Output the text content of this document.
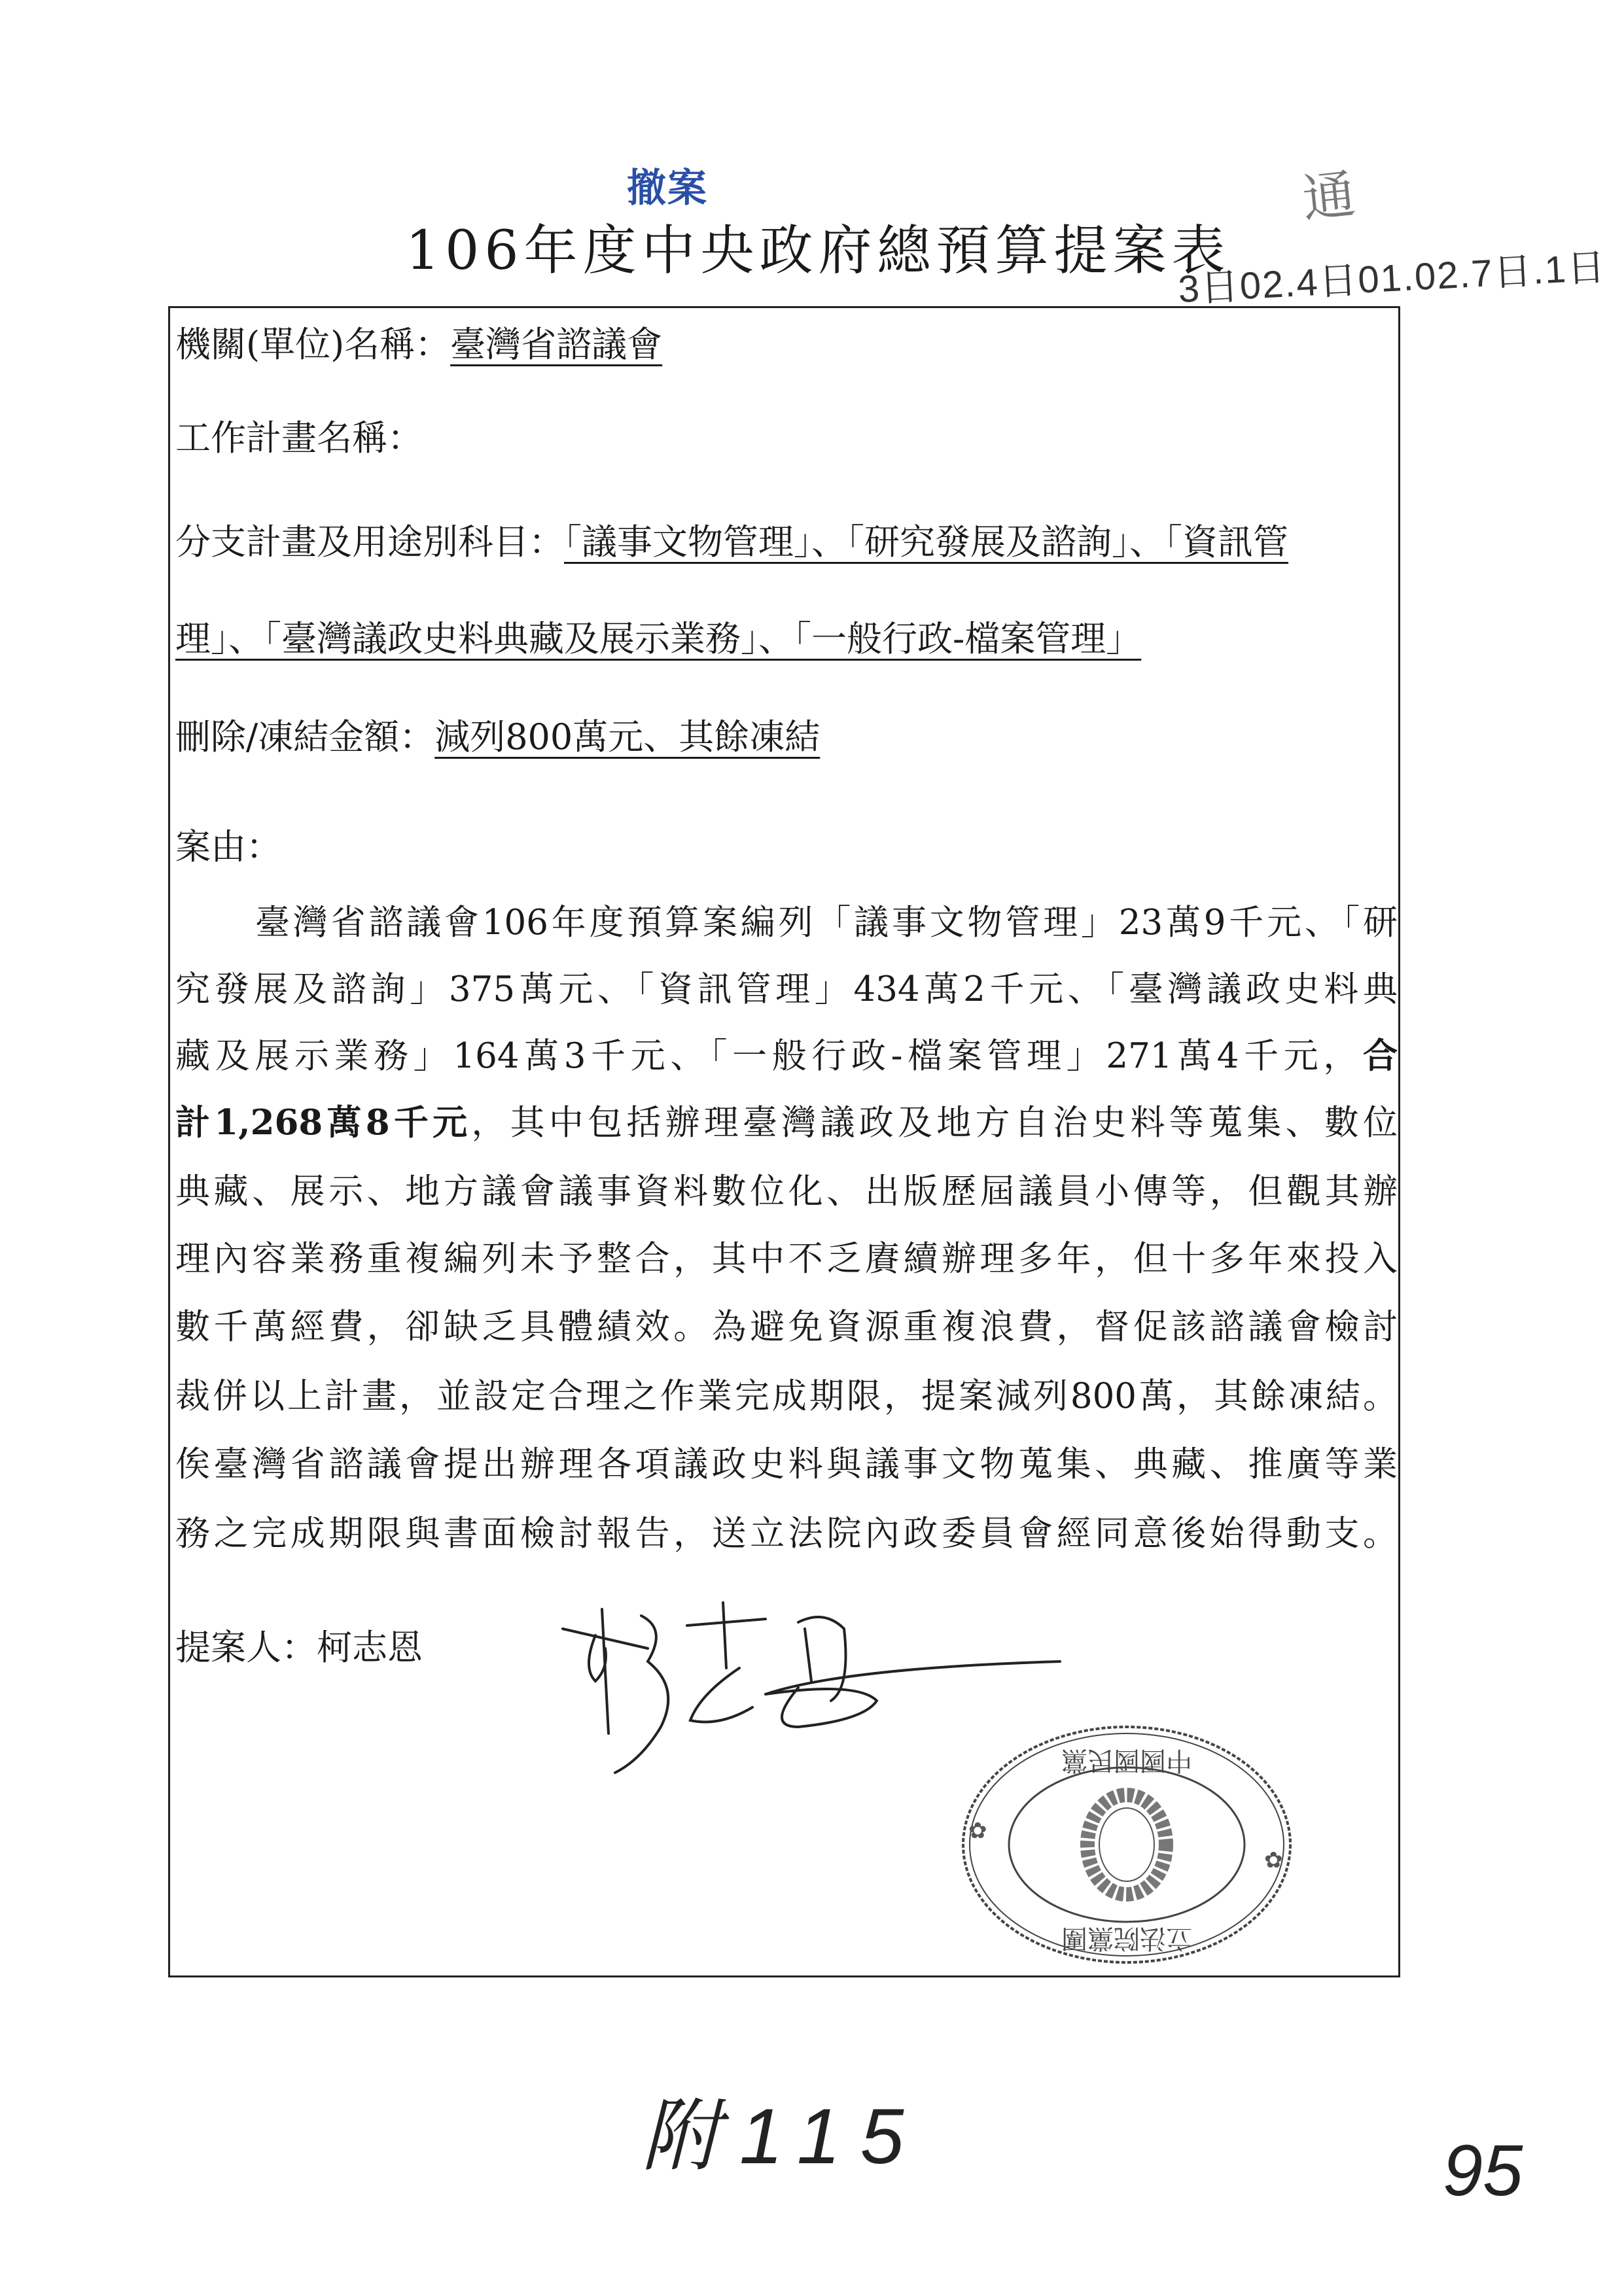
撤案
106年度中央政府總預算提案表
通
3日02.4日01.02.7日.1日
機關(單位)名稱：臺灣省諮議會
工作計畫名稱：
分支計畫及用途別科目：「議事文物管理」、「研究發展及諮詢」、「資訊管
理」、「臺灣議政史料典藏及展示業務」、「一般行政-檔案管理」
刪除/凍結金額：減列800萬元、其餘凍結
案由：
臺灣省諮議會106年度預算案編列「議事文物管理」23萬9千元、「研
究發展及諮詢」375萬元、「資訊管理」434萬2千元、「臺灣議政史料典
藏及展示業務」164萬3千元、「一般行政-檔案管理」271萬4千元，合
計1,268萬8千元，其中包括辦理臺灣議政及地方自治史料等蒐集、數位
典藏、展示、地方議會議事資料數位化、出版歷屆議員小傳等，但觀其辦
理內容業務重複編列未予整合，其中不乏賡續辦理多年，但十多年來投入
數千萬經費，卻缺乏具體績效。為避免資源重複浪費，督促該諮議會檢討
裁併以上計畫，並設定合理之作業完成期限，提案減列800萬，其餘凍結。
俟臺灣省諮議會提出辦理各項議政史料與議事文物蒐集、典藏、推廣等業
務之完成期限與書面檢討報告，送立法院內政委員會經同意後始得動支。
提案人：柯志恩
中國國民黨
立法院黨團
✿
✿
附115	95
